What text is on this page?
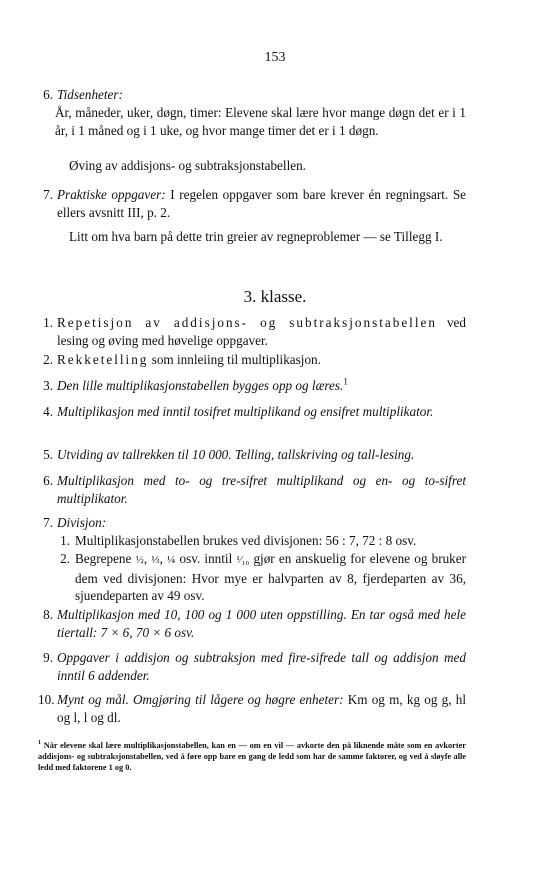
153
6. Tidsenheter:
År, måneder, uker, døgn, timer: Elevene skal lære hvor mange døgn det er i 1 år, i 1 måned og i 1 uke, og hvor mange timer det er i 1 døgn.
Øving av addisjons- og subtraksjonstabellen.
7. Praktiske oppgaver: I regelen oppgaver som bare krever én regningsart. Se ellers avsnitt III, p. 2.
Litt om hva barn på dette trin greier av regneproblemer — se Tillegg I.
3. klasse.
1. Repetisjon av addisjons- og subtraksjonstabellen ved lesing og øving med høvelige oppgaver.
2. Rekketelling som innleiing til multiplikasjon.
3. Den lille multiplikasjonstabellen bygges opp og læres.$^1$
4. Multiplikasjon med inntil tosifret multiplikand og ensifret multiplikator.
5. Utviding av tallrekken til 10 000. Telling, tallskriving og tall-lesing.
6. Multiplikasjon med to- og tre-sifret multiplikand og en- og to-sifret multiplikator.
7. Divisjon:
1. Multiplikasjonstabellen brukes ved divisjonen: 56 : 7, 72 : 8 osv.
2. Begrepene ½, ⅓, ¼ osv. inntil ¹⁄₁₀ gjør en anskuelig for elevene og bruker dem ved divisjonen: Hvor mye er halvparten av 8, fjerdeparten av 36, sjuendeparten av 49 osv.
8. Multiplikasjon med 10, 100 og 1 000 uten oppstilling. En tar også med hele tiertall: 7 × 6, 70 × 6 osv.
9. Oppgaver i addisjon og subtraksjon med fire-sifrede tall og addisjon med inntil 6 addender.
10. Mynt og mål. Omgjøring til lågere og høgre enheter: Km og m, kg og g, hl og l, l og dl.
$^1$ Når elevene skal lære multiplikasjonstabellen, kan en — om en vil — avkorte den på liknende måte som en avkorter addisjons- og subtraksjonstabellen, ved å føre opp bare en gang de ledd som har de samme faktorer, og ved å sløyfe alle ledd med faktorene 1 og 0.
